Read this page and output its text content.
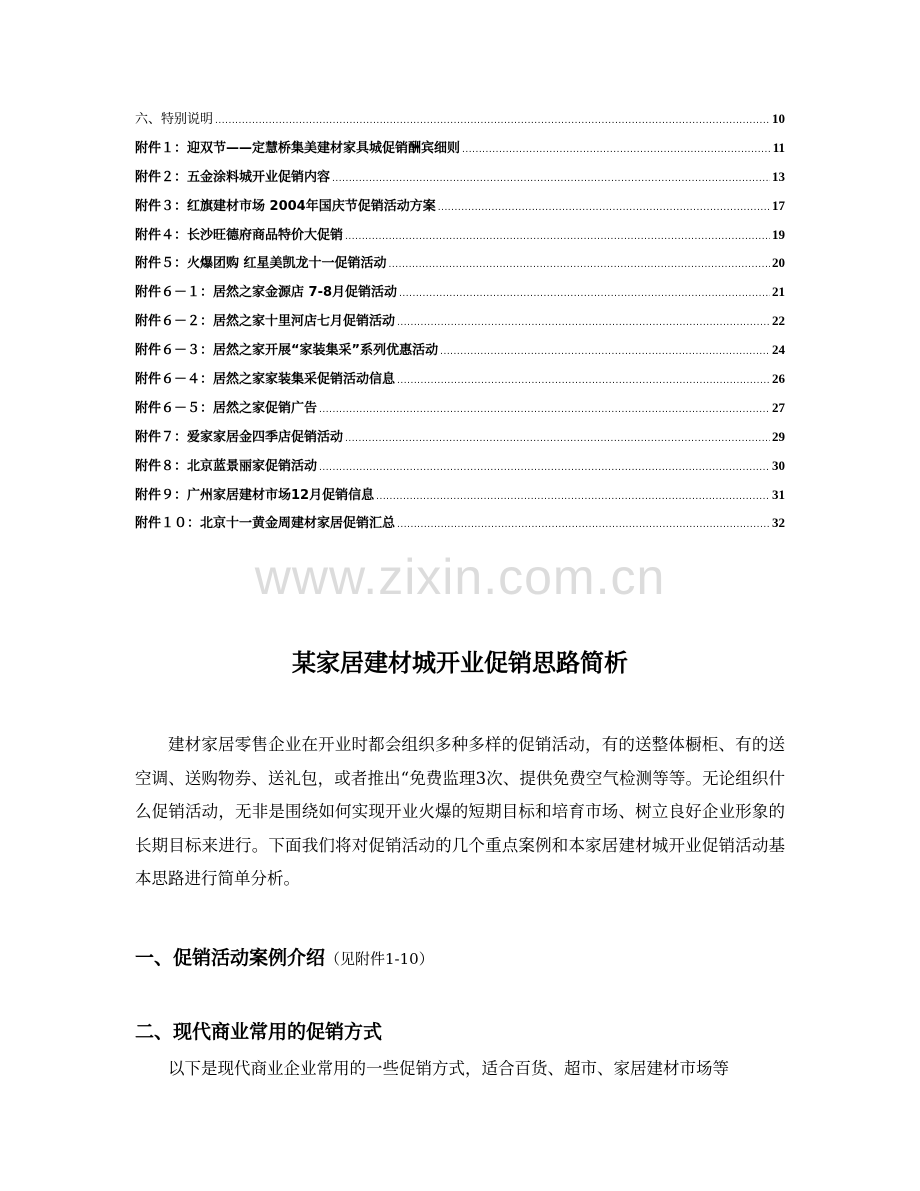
六、特别说明 .....	10
附件１：迎双节——定慧桥集美建材家具城促销酬宾细则 .....	11
附件２：五金涂料城开业促销内容 .....	13
附件３：红旗建材市场 2004年国庆节促销活动方案 .....	17
附件４：长沙旺德府商品特价大促销 .....	19
附件５：火爆团购 红星美凯龙十一促销活动 .....	20
附件６－１：居然之家金源店 7-8月促销活动 .....	21
附件６－２：居然之家十里河店七月促销活动 .....	22
附件６－３：居然之家开展“家装集采”系列优惠活动 .....	24
附件６－４：居然之家家装集采促销活动信息 .....	26
附件６－５：居然之家促销广告 .....	27
附件７：爱家家居金四季店促销活动 .....	29
附件８：北京蓝景丽家促销活动 .....	30
附件９：广州家居建材市场12月促销信息 .....	31
附件１０：北京十一黄金周建材家居促销汇总 .....	32
www.zixin.com.cn
某家居建材城开业促销思路简析

建材家居零售企业在开业时都会组织多种多样的促销活动，有的送整体橱柜、有的送空调、送购物券、送礼包，或者推出“免费监理3次、提供免费空气检测等等。无论组织什么促销活动，无非是围绕如何实现开业火爆的短期目标和培育市场、树立良好企业形象的长期目标来进行。下面我们将对促销活动的几个重点案例和本家居建材城开业促销活动基本思路进行简单分析。

一、促销活动案例介绍（见附件1-10）
二、现代商业常用的促销方式

以下是现代商业企业常用的一些促销方式，适合百货、超市、家居建材市场等
